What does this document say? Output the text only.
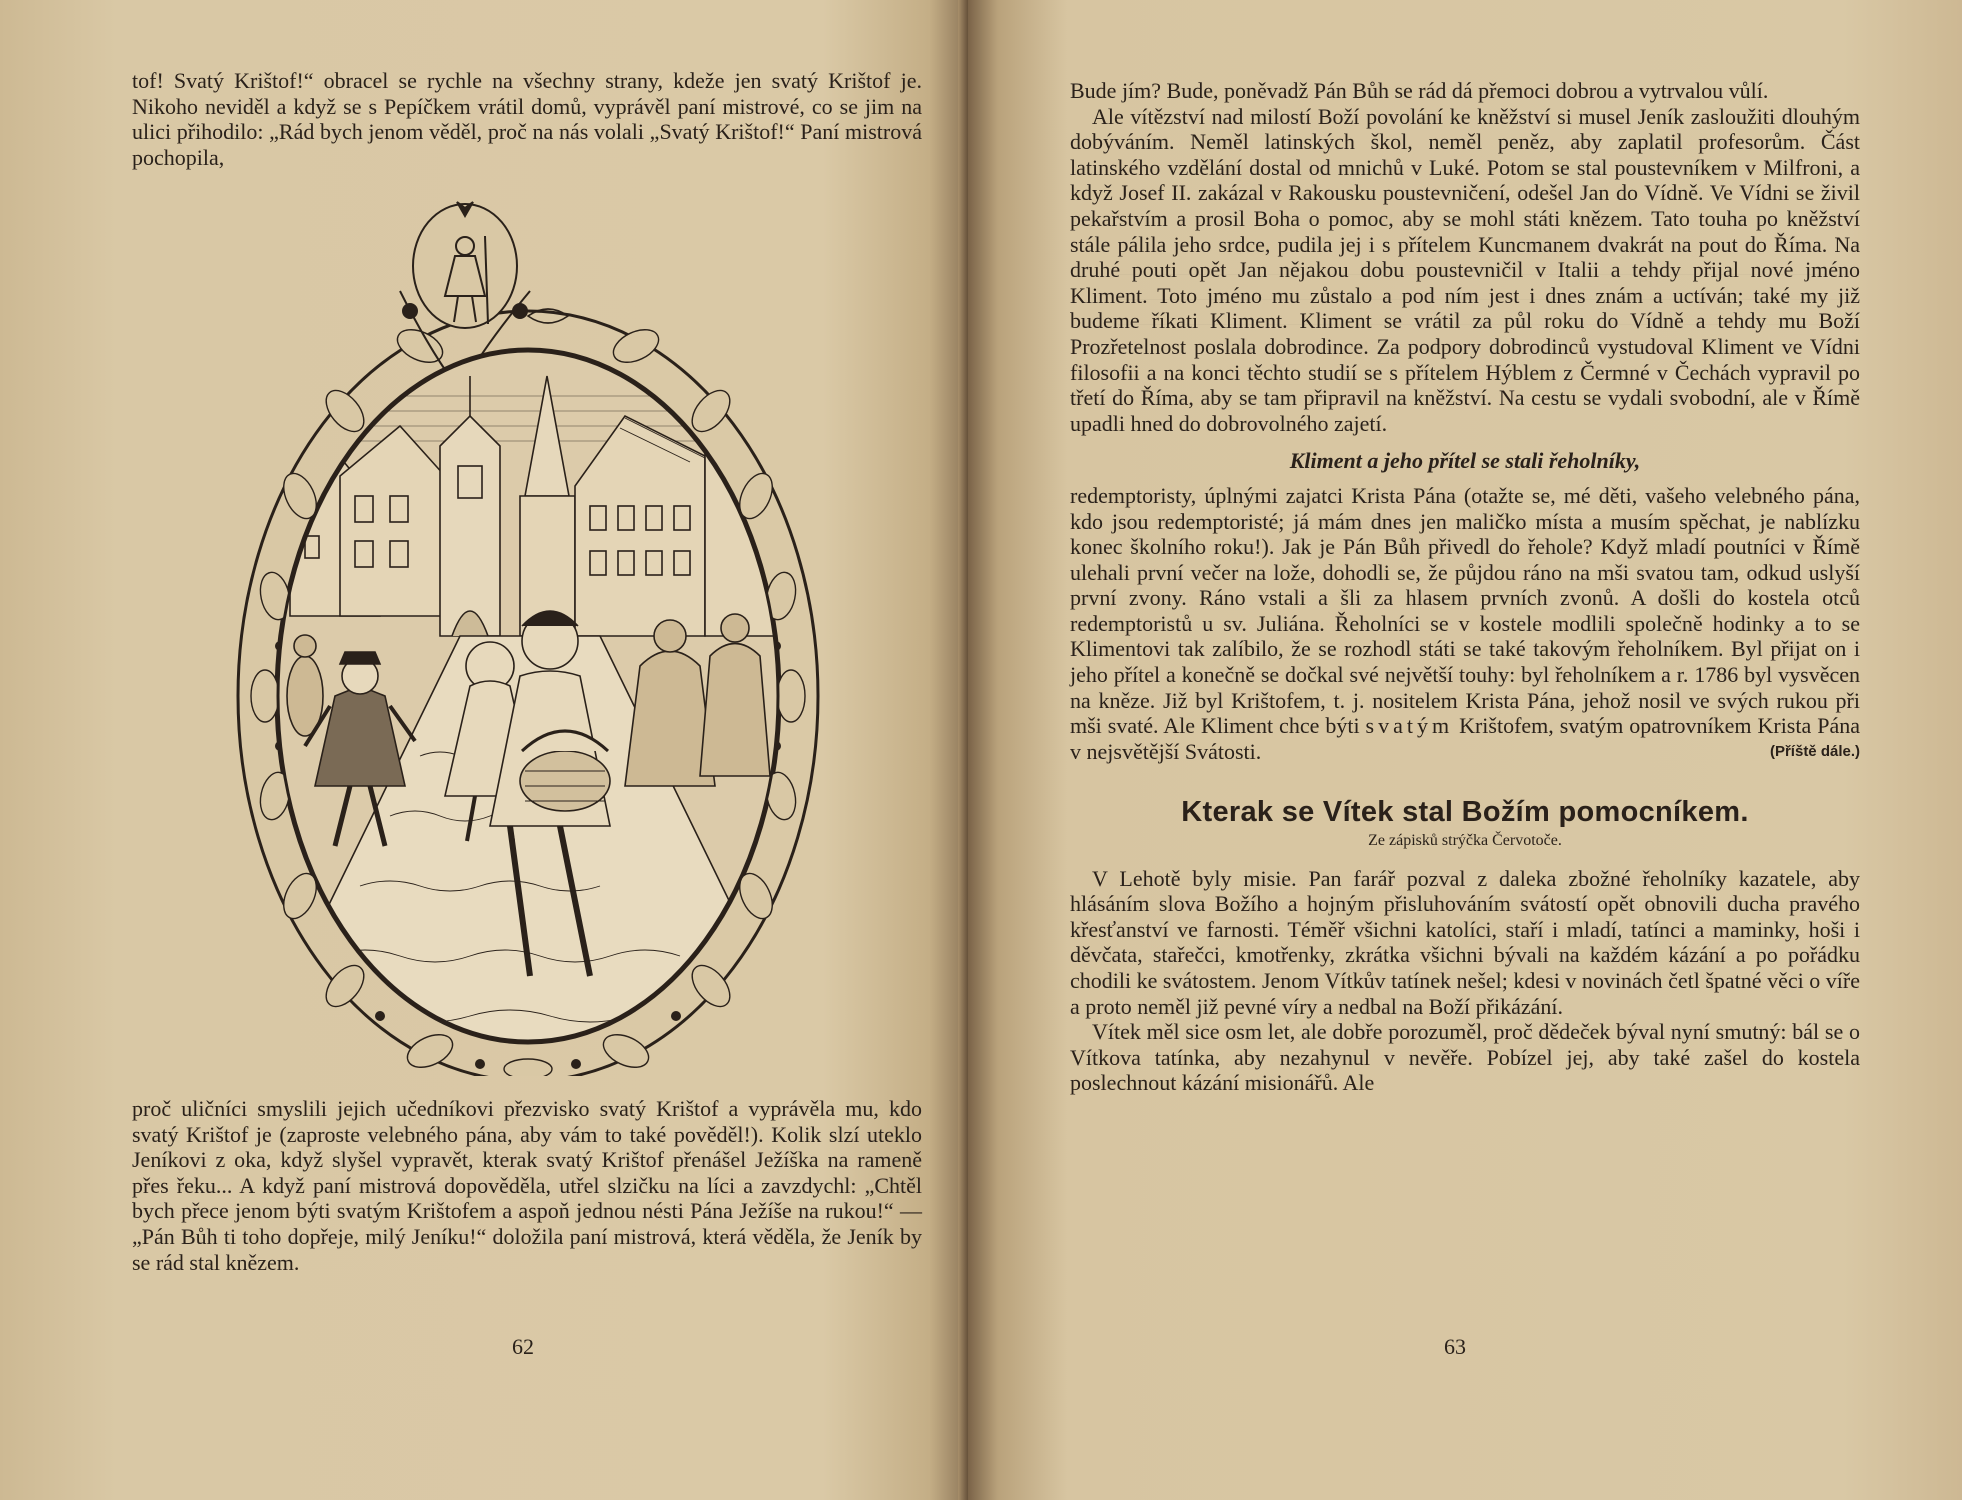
tof! Svatý Krištof!“ obracel se rychle na všechny strany, kdeže jen svatý Krištof je. Nikoho neviděl a když se s Pepíčkem vrátil domů, vyprávěl paní mistrové, co se jim na ulici přihodilo: „Rád bych jenom věděl, proč na nás volali „Svatý Krištof!“ Paní mistrová pochopila,

proč uličníci smyslili jejich učedníkovi přezvisko svatý Krištof a vyprávěla mu, kdo svatý Krištof je (zaproste velebného pána, aby vám to také pověděl!). Kolik slzí uteklo Jeníkovi z oka, když slyšel vypravět, kterak svatý Krištof přenášel Ježíška na rameně přes řeku... A když paní mistrová dopověděla, utřel slzičku na líci a zavzdychl: „Chtěl bych přece jenom býti svatým Krištofem a aspoň jednou nésti Pána Ježíše na rukou!“ — „Pán Bůh ti toho dopřeje, milý Jeníku!“ doložila paní mistrová, která věděla, že Jeník by se rád stal knězem.

62

Bude jím? Bude, poněvadž Pán Bůh se rád dá přemoci dobrou a vytrvalou vůlí.

Ale vítězství nad milostí Boží povolání ke kněžství si musel Jeník zasloužiti dlouhým dobýváním. Neměl latinských škol, neměl peněz, aby zaplatil profesorům. Část latinského vzdělání dostal od mnichů v Luké. Potom se stal poustevníkem v Milfroni, a když Josef II. zakázal v Rakousku poustevničení, odešel Jan do Vídně. Ve Vídni se živil pekařstvím a prosil Boha o pomoc, aby se mohl státi knězem. Tato touha po kněžství stále pálila jeho srdce, pudila jej i s přítelem Kuncmanem dvakrát na pout do Říma. Na druhé pouti opět Jan nějakou dobu poustevničil v Italii a tehdy přijal nové jméno Kliment. Toto jméno mu zůstalo a pod ním jest i dnes znám a uctíván; také my již budeme říkati Kliment. Kliment se vrátil za půl roku do Vídně a tehdy mu Boží Prozřetelnost poslala dobrodince. Za podpory dobrodinců vystudoval Kliment ve Vídni filosofii a na konci těchto studií se s přítelem Hýblem z Čermné v Čechách vypravil po třetí do Říma, aby se tam připravil na kněžství. Na cestu se vydali svobodní, ale v Římě upadli hned do dobrovolného zajetí.

Kliment a jeho přítel se stali řeholníky,

redemptoristy, úplnými zajatci Krista Pána (otažte se, mé děti, vašeho velebného pána, kdo jsou redemptoristé; já mám dnes jen maličko místa a musím spěchat, je nablízku konec školního roku!). Jak je Pán Bůh přivedl do řehole? Když mladí poutníci v Římě ulehali první večer na lože, dohodli se, že půjdou ráno na mši svatou tam, odkud uslyší první zvony. Ráno vstali a šli za hlasem prvních zvonů. A došli do kostela otců redemptoristů u sv. Juliána. Řeholníci se v kostele modlili společně hodinky a to se Klimentovi tak zalíbilo, že se rozhodl státi se také takovým řeholníkem. Byl přijat on i jeho přítel a konečně se dočkal své největší touhy: byl řeholníkem a r. 1786 byl vysvěcen na kněze. Již byl Krištofem, t. j. nositelem Krista Pána, jehož nosil ve svých rukou při mši svaté. Ale Kliment chce býti svatým Krištofem, svatým opatrovníkem Krista Pána v nejsvětější Svátosti.	(Příště dále.)

Kterak se Vítek stal Božím pomocníkem.

Ze zápisků strýčka Červotoče.

V Lehotě byly misie. Pan farář pozval z daleka zbožné řeholníky kazatele, aby hlásáním slova Božího a hojným přisluhováním svátostí opět obnovili ducha pravého křesťanství ve farnosti. Téměř všichni katolíci, staří i mladí, tatínci a maminky, hoši i děvčata, stařečci, kmotřenky, zkrátka všichni bývali na každém kázání a po pořádku chodili ke svátostem. Jenom Vítkův tatínek nešel; kdesi v novinách četl špatné věci o víře a proto neměl již pevné víry a nedbal na Boží přikázání.

Vítek měl sice osm let, ale dobře porozuměl, proč dědeček býval nyní smutný: bál se o Vítkova tatínka, aby nezahynul v nevěře. Pobízel jej, aby také zašel do kostela poslechnout kázání misionářů. Ale

63
